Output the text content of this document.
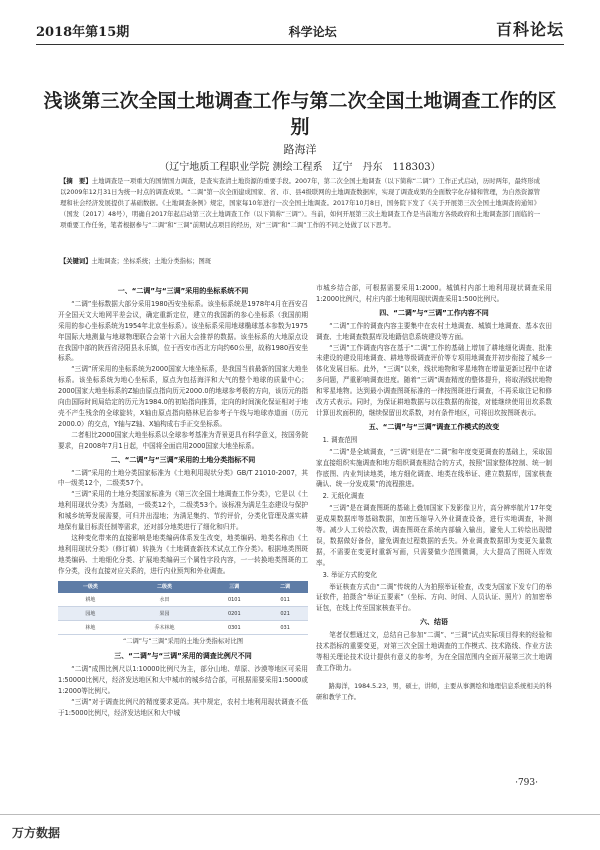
2018年第15期	科学论坛	百科论坛
浅谈第三次全国土地调查工作与第二次全国土地调查工作的区别
路海洋
（辽宁地质工程职业学院 测绘工程系　辽宁　丹东　118303）
【摘　要】土地调查是一项重大的国情国力调查，是查实查清土地资源的重要手段。2007年，第二次全国土地调查（以下简称“二调”）工作正式启动，历时两年，最终形成以2009年12月31日为统一时点的调查成果。“二调”第一次全面建成国家、省、市、县4级联网的土地调查数据库，实现了调查成果的全面数字化存储和管理，为自然资源管理和社会经济发展提供了基础数据。《土地调查条例》规定，国家每10年进行一次全国土地调查。2017年10月8日，国务院下发了《关于开展第三次全国土地调查的通知》（国发〔2017〕48号），明确自2017年起启动第三次土地调查工作（以下简称“三调”）。当前，如何开展第三次土地调查工作是当前地方各级政府和土地调查部门面临的一项重要工作任务，笔者根据参与“二调”和“三调”前期试点项目的经历，对“三调”和“二调”工作的不同之处做了以下思考。
【关键词】土地调查；坐标系统；土地分类指标；图斑
一、“二调”与“三调”采用的坐标系统不同

“二调”坐标数据大部分采用1980西安坐标系。该坐标系统是1978年4月在西安召开全国天文大地网平差会议，确定重新定位，建立的我国新的参心坐标系（我国前期采用的参心坐标系统为1954年北京坐标系）。该坐标系采用地球椭球基本参数为1975年国际大地测量与地球物理联合会第十六届大会推荐的数据。该坐标系的大地原点设在我国中部的陕西省泾阳县永乐镇，位于西安市西北方向约60公里，故称1980西安坐标系。

“三调”所采用的坐标系统为2000国家大地坐标系，是我国当前最新的国家大地坐标系。该坐标系统为地心坐标系，原点为包括海洋和大气的整个地球的质量中心；2000国家大地坐标系的Z轴由原点指向历元2000.0的地球参考极的方向，该历元的指向由国际时间局给定的历元为1984.0的初始指向推算，定向的时间演化保证相对于地壳不产生残余的全球旋转，X轴由原点指向格林尼治参考子午线与地球赤道面（历元2000.0）的交点，Y轴与Z轴、X轴构成右手正交坐标系。

二者相比2000国家大地坐标系以全球参考基准为背景更具有科学意义，按国务院要求，自2008年7月1日起，中国将全面启用2000国家大地坐标系。

二、“二调”与“三调”采用的土地分类指标不同

“二调”采用的土地分类国家标准为《土地利用现状分类》GB/T 21010-2007，其中一级类12个，二级类57个。

“三调”采用的土地分类国家标准为《第三次全国土地调查工作分类》，它是以《土地利用现状分类》为基础，一级类12个，二级类53个。该标准为满足生态建设与保护和城乡统筹发展需要，可归并出湿地；为满足集约、节约评价，分类化管理及落实耕地保有量目标责任制等需求，还对部分地类进行了细化和归并。

这种变化带来的直接影响是地类编码体系发生改变，地类编码、地类名称由《土地利用现状分类》（修订稿）转换为《土地调查新技术试点工作分类》。根据地类图斑地类编码、土地细化分类、扩展地类编码三个属性字段内容，一一转换地类图斑的工作分类，没有直接对应关系的，进行内业预判和外业调查。

一级类	二级类	三调	二调
耕地	水田	0101	011
园地	果园	0201	021
林地	乔木林地	0301	031
“二调”与“三调”采用的土地分类指标对比图
三、“二调”与“三调”采用的调查比例尺不同

“二调”成图比例尺以1:10000比例尺为主，部分山地、草原、沙漠等地区可采用1:50000比例尺，经济发达地区和大中城市的城乡结合部，可根据需要采用1:5000或1:2000等比例尺。

“三调”对于调查比例尺的精度要求更高。其中规定，农村土地利用现状调查不低于1:5000比例尺，经济发达地区和大中城

市城乡结合部，可根据需要采用1:2000。城镇村内部土地利用现状调查采用1:2000比例尺，村庄内部土地利用现状调查采用1:500比例尺。

四、“二调”与“三调”工作内容不同

“二调”工作的调查内容主要集中在农村土地调查、城镇土地调查、基本农田调查、土地调查数据库及地籍信息系统建设等方面。

“三调”工作调查内容在基于“二调”工作的基础上增加了耕地细化调查、批准未建设的建设用地调查、耕地等级调查评价等专项用地调查并初步衔接了城乡一体化发展目标。此外，“三调”以来，线状地物和零星地物在增量更新过程中在诸多问题，严重影响调查进度。随着“三调”调查精度的整体提升，将取消线状地物和零星地物。达到最小调查图斑标准的一律按图斑进行调查，不再采取注记和修改方式表示。同时，为保证耕地数据与以往数据的衔接，对能继续使用田坎系数计算田坎面积的，继续保留田坎系数，对有条件地区，可将田坎按图斑表示。

五、“二调”与“三调”调查工作模式的改变
1. 调查范围

“二调”是全域调查，“三调”则是在“二调”和年度变更调查的基础上，采取国家直接组织实施调查和地方组织调查相结合的方式，按照“国家整体控制、统一制作底图、内业判读地类，地方细化调查、地类在线举证、建立数据库，国家核查确认、统一分发成果”的流程推进。

2. 无纸化调查

“三调”是在调查图斑的基础上叠加国家下发影像卫片，高分辨率航片17年变更成果数据库等基础数据，加密压缩导入外业调查设备，进行实地调查，补测等。减少人工转绘次数，调查图斑在系统内部输入输出，避免人工转绘出现错误，数据做好备份，避免调查过程数据的丢失。外业调查数据即为变更矢量数据，不需要在变更时重新写画，只需要做少范围微调，大大提高了图斑入库效率。

3. 举证方式的变化

举证核查方式由“二调”传统的人为拍照举证检查，改变为国家下发专门的举证软件，拍摄含“举证五要素”（坐标、方向、时间、人员认证、照片）的加密举证包，在线上传至国家核查平台。

六、结语

笔者仅想通过文，总结自己参加“二调”、“三调”试点实际项目得来的经验和技术指标的重要变更，对第三次全国土地调查的工作模式、技术路线、作业方法等相关理论技术设计提供有意义的参考，为在全国范围内全面开展第三次土地调查工作助力。

路海洋，1984.5.23，男，硕士，讲师，主要从事测绘和地理信息系统相关的科研和教学工作。

·793·
万方数据
